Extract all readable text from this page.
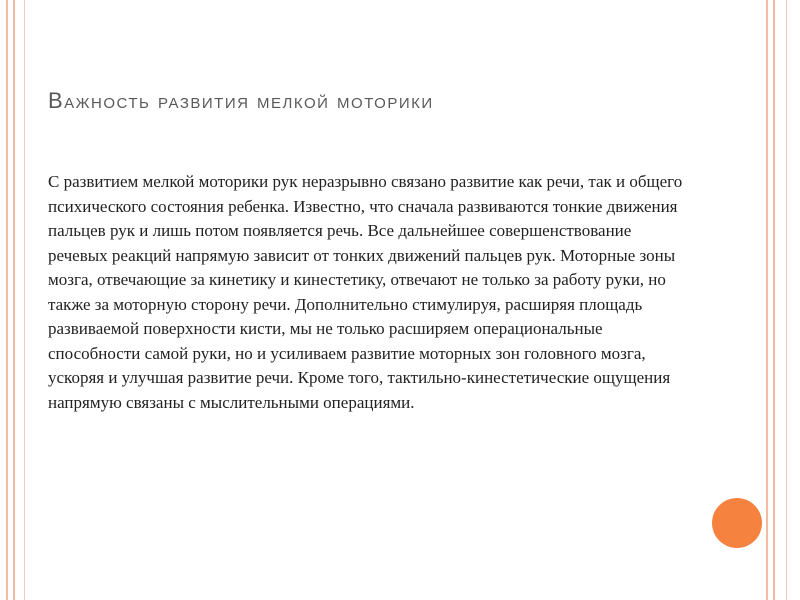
Важность развития мелкой моторики

С развитием мелкой моторики рук неразрывно связано развитие как речи, так и общего психического состояния ребенка. Известно, что сначала развиваются тонкие движения пальцев рук и лишь потом появляется речь. Все дальнейшее совершенствование речевых реакций напрямую зависит от тонких движений пальцев рук. Моторные зоны мозга, отвечающие за кинетику и кинестетику, отвечают не только за работу руки, но также за моторную сторону речи. Дополнительно стимулируя, расширяя площадь развиваемой поверхности кисти, мы не только расширяем операциональные способности самой руки, но и усиливаем развитие моторных зон головного мозга, ускоряя и улучшая развитие речи. Кроме того, тактильно-кинестетические ощущения напрямую связаны с мыслительными операциями.
